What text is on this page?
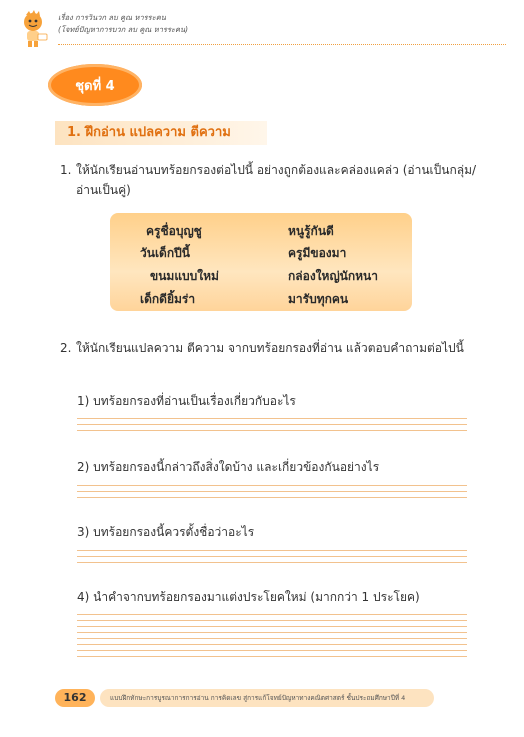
เรื่อง การวินวก ลบ คูณ หารระคน
(โจทย์ปัญหาการบวก ลบ คูณ หารระคน)
ชุดที่ 4
1. ฝึกอ่าน แปลความ ตีความ
1. ให้นักเรียนอ่านบทร้อยกรองต่อไปนี้ อย่างถูกต้องและคล่องแคล่ว (อ่านเป็นกลุ่ม/อ่านเป็นคู่)
ครูชื่อบุญชู	หนูรู้กันดี
วันเด็กปีนี้	ครูมีของมา
ขนมแบบใหม่	กล่องใหญ่นักหนา
เด็กดียิ้มร่า	มารับทุกคน
2. ให้นักเรียนแปลความ ตีความ จากบทร้อยกรองที่อ่าน แล้วตอบคำถามต่อไปนี้
1) บทร้อยกรองที่อ่านเป็นเรื่องเกี่ยวกับอะไร
2) บทร้อยกรองนี้กล่าวถึงสิ่งใดบ้าง และเกี่ยวข้องกันอย่างไร
3) บทร้อยกรองนี้ควรตั้งชื่อว่าอะไร
4) นำคำจากบทร้อยกรองมาแต่งประโยคใหม่ (มากกว่า 1 ประโยค)
162	แบบฝึกทักษะการบูรณาการการอ่าน การคิดเลข สู่การแก้โจทย์ปัญหาทางคณิตศาสตร์ ชั้นประถมศึกษาปีที่ 4
